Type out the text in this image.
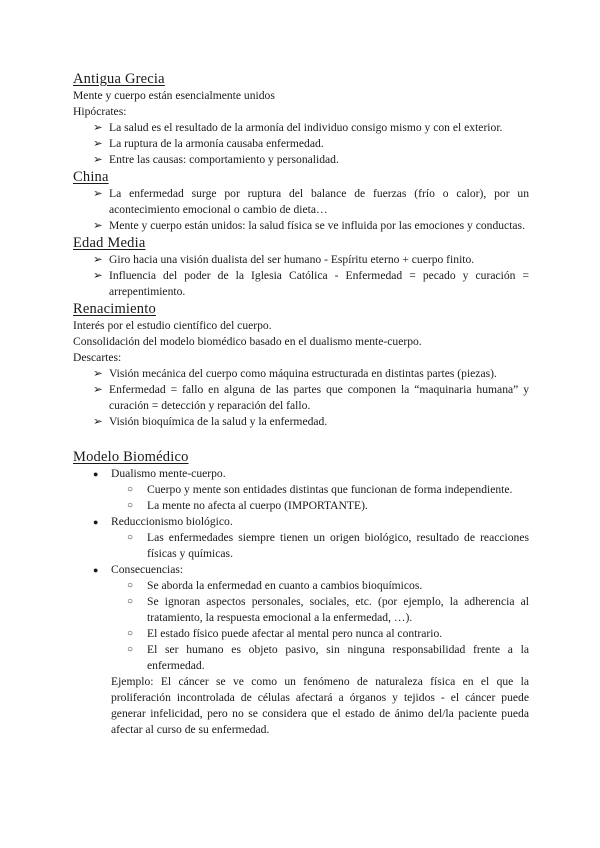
Antigua Grecia

Mente y cuerpo están esencialmente unidos

Hipócrates:

➢ La salud es el resultado de la armonía del individuo consigo mismo y con el exterior.
➢ La ruptura de la armonía causaba enfermedad.
➢ Entre las causas: comportamiento y personalidad.
China
➢ La enfermedad surge por ruptura del balance de fuerzas (frío o calor), por un acontecimiento emocional o cambio de dieta…
➢ Mente y cuerpo están unidos: la salud física se ve influida por las emociones y conductas.
Edad Media
➢ Giro hacia una visión dualista del ser humano - Espíritu eterno + cuerpo finito.
➢ Influencia del poder de la Iglesia Católica - Enfermedad = pecado y curación = arrepentimiento.
Renacimiento

Interés por el estudio científico del cuerpo.

Consolidación del modelo biomédico basado en el dualismo mente-cuerpo.

Descartes:

➢ Visión mecánica del cuerpo como máquina estructurada en distintas partes (piezas).
➢ Enfermedad = fallo en alguna de las partes que componen la “maquinaria humana” y curación = detección y reparación del fallo.
➢ Visión bioquímica de la salud y la enfermedad.
Modelo Biomédico
● Dualismo mente-cuerpo.
○ Cuerpo y mente son entidades distintas que funcionan de forma independiente.
○ La mente no afecta al cuerpo (IMPORTANTE).
● Reduccionismo biológico.
○ Las enfermedades siempre tienen un origen biológico, resultado de reacciones físicas y químicas.
● Consecuencias:
○ Se aborda la enfermedad en cuanto a cambios bioquímicos.
○ Se ignoran aspectos personales, sociales, etc. (por ejemplo, la adherencia al tratamiento, la respuesta emocional a la enfermedad, …).
○ El estado físico puede afectar al mental pero nunca al contrario.
○ El ser humano es objeto pasivo, sin ninguna responsabilidad frente a la enfermedad.

Ejemplo: El cáncer se ve como un fenómeno de naturaleza física en el que la proliferación incontrolada de células afectará a órganos y tejidos - el cáncer puede generar infelicidad, pero no se considera que el estado de ánimo del/la paciente pueda afectar al curso de su enfermedad.
